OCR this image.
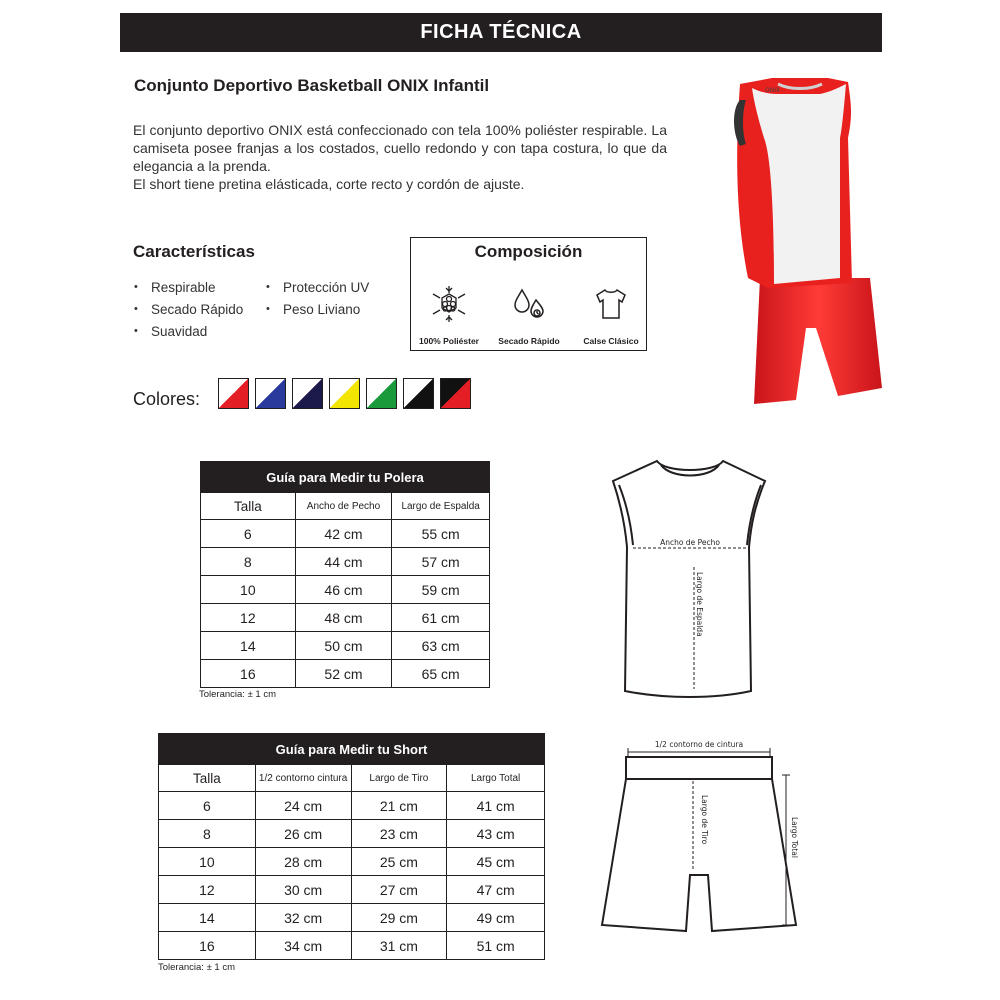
FICHA TÉCNICA
Conjunto Deportivo Basketball ONIX Infantil

El conjunto deportivo ONIX está confeccionado con tela 100% poliéster respirable. La camiseta posee franjas a los costados, cuello redondo y con tapa costura, lo que da elegancia a la prenda.

El short tiene pretina elásticada, corte recto y cordón de ajuste.

Características
• Respirable
• Secado Rápido
• Suavidad
• Protección UV
• Peso Liviano
Composición
100% Poliéster	Secado Rápido	Calse Clásico
Colores:
ONIX
Guía para Medir tu Polera		
Talla	Ancho de Pecho	Largo de Espalda
6	42 cm	55 cm
8	44 cm	57 cm
10	46 cm	59 cm
12	48 cm	61 cm
14	50 cm	63 cm
16	52 cm	65 cm
Tolerancia: ± 1 cm
Ancho de Pecho
Largo de Espalda
Guía para Medir tu Short			
Talla	1/2 contorno cintura	Largo de Tiro	Largo Total
6	24 cm	21 cm	41 cm
8	26 cm	23 cm	43 cm
10	28 cm	25 cm	45 cm
12	30 cm	27 cm	47 cm
14	32 cm	29 cm	49 cm
16	34 cm	31 cm	51 cm
Tolerancia: ± 1 cm
1/2 contorno de cintura
Largo de Tiro	Largo Total
